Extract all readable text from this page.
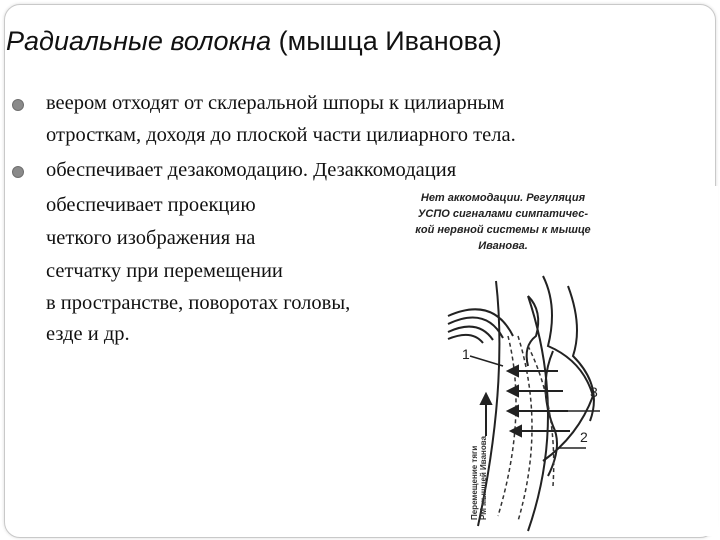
Радиальные волокна (мышца Иванова)

веером отходят от склеральной шпоры к цилиарным

отросткам, доходя до плоской части цилиарного тела.

Нет аккомодации. Регуляция
УСПО сигналами симпатичес-
кой нервной системы к мышце
Иванова.
1
3
2
Перемещение тяги РМ мышцей Иванова

обеспечивает дезакомодацию. Дезаккомодация

обеспечивает проекцию

четкого изображения на

сетчатку при перемещении

в пространстве, поворотах головы,

езде и др.
